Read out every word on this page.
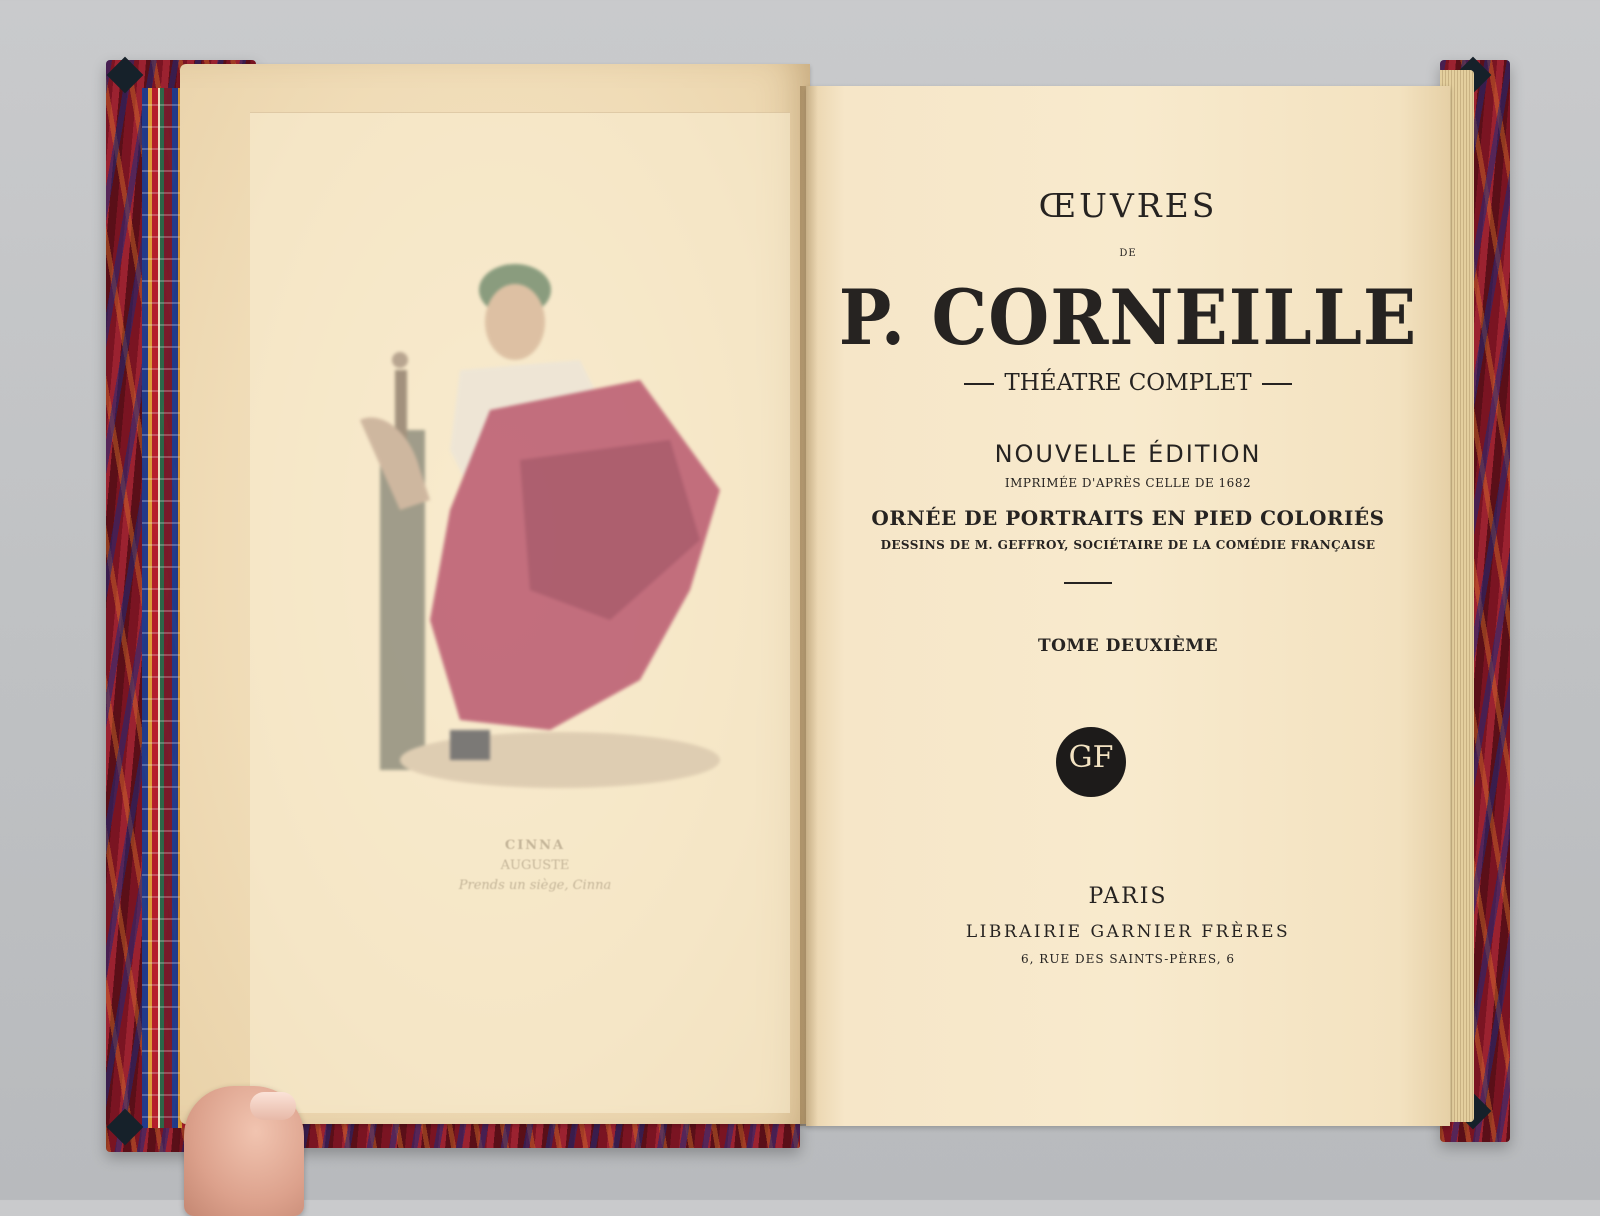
CINNA
AUGUSTE
Prends un siège, Cinna
ŒUVRES
DE
P. CORNEILLE
THÉATRE COMPLET
NOUVELLE ÉDITION
IMPRIMÉE D'APRÈS CELLE DE 1682
ORNÉE DE PORTRAITS EN PIED COLORIÉS
DESSINS DE M. GEFFROY, SOCIÉTAIRE DE LA COMÉDIE FRANÇAISE
TOME DEUXIÈME
GF
PARIS
LIBRAIRIE GARNIER FRÈRES
6, RUE DES SAINTS-PÈRES, 6
